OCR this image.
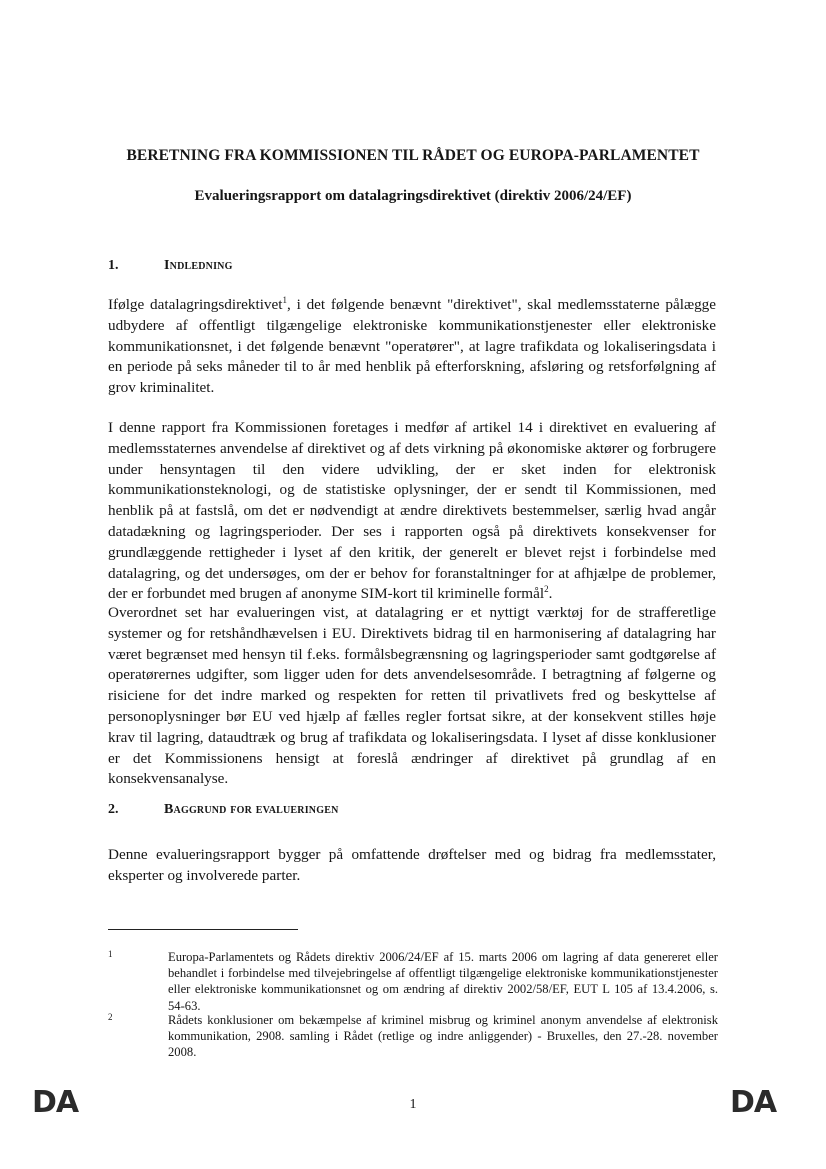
BERETNING FRA KOMMISSIONEN TIL RÅDET OG EUROPA-PARLAMENTET
Evalueringsrapport om datalagringsdirektivet (direktiv 2006/24/EF)
1.	Indledning
Ifølge datalagringsdirektivet$^1$, i det følgende benævnt "direktivet", skal medlemsstaterne pålægge udbydere af offentligt tilgængelige elektroniske kommunikationstjenester eller elektroniske kommunikationsnet, i det følgende benævnt "operatører", at lagre trafikdata og lokaliseringsdata i en periode på seks måneder til to år med henblik på efterforskning, afsløring og retsforfølgning af grov kriminalitet.
I denne rapport fra Kommissionen foretages i medfør af artikel 14 i direktivet en evaluering af medlemsstaternes anvendelse af direktivet og af dets virkning på økonomiske aktører og forbrugere under hensyntagen til den videre udvikling, der er sket inden for elektronisk kommunikationsteknologi, og de statistiske oplysninger, der er sendt til Kommissionen, med henblik på at fastslå, om det er nødvendigt at ændre direktivets bestemmelser, særlig hvad angår datadækning og lagringsperioder. Der ses i rapporten også på direktivets konsekvenser for grundlæggende rettigheder i lyset af den kritik, der generelt er blevet rejst i forbindelse med datalagring, og det undersøges, om der er behov for foranstaltninger for at afhjælpe de problemer, der er forbundet med brugen af anonyme SIM-kort til kriminelle formål$^2$.
Overordnet set har evalueringen vist, at datalagring er et nyttigt værktøj for de strafferetlige systemer og for retshåndhævelsen i EU. Direktivets bidrag til en harmonisering af datalagring har været begrænset med hensyn til f.eks. formålsbegrænsning og lagringsperioder samt godtgørelse af operatørernes udgifter, som ligger uden for dets anvendelsesområde. I betragtning af følgerne og risiciene for det indre marked og respekten for retten til privatlivets fred og beskyttelse af personoplysninger bør EU ved hjælp af fælles regler fortsat sikre, at der konsekvent stilles høje krav til lagring, dataudtræk og brug af trafikdata og lokaliseringsdata. I lyset af disse konklusioner er det Kommissionens hensigt at foreslå ændringer af direktivet på grundlag af en konsekvensanalyse.
2.	Baggrund for evalueringen
Denne evalueringsrapport bygger på omfattende drøftelser med og bidrag fra medlemsstater, eksperter og involverede parter.
1	Europa-Parlamentets og Rådets direktiv 2006/24/EF af 15. marts 2006 om lagring af data genereret eller behandlet i forbindelse med tilvejebringelse af offentligt tilgængelige elektroniske kommunikationstjenester eller elektroniske kommunikationsnet og om ændring af direktiv 2002/58/EF, EUT L 105 af 13.4.2006, s. 54-63.
2	Rådets konklusioner om bekæmpelse af kriminel misbrug og kriminel anonym anvendelse af elektronisk kommunikation, 2908. samling i Rådet (retlige og indre anliggender) - Bruxelles, den 27.-28. november 2008.
DA	1	DA
